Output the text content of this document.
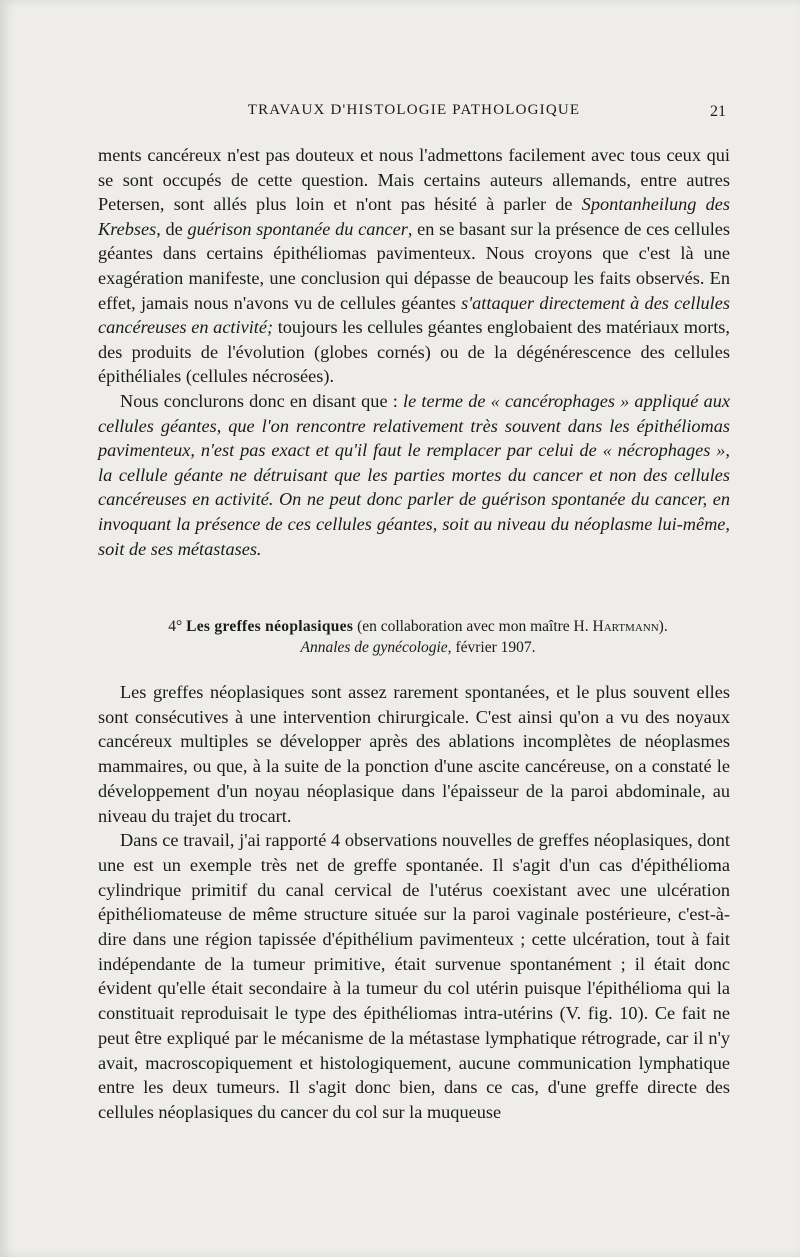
TRAVAUX D'HISTOLOGIE PATHOLOGIQUE	21

ments cancéreux n'est pas douteux et nous l'admettons facilement avec tous ceux qui se sont occupés de cette question. Mais certains auteurs allemands, entre autres Petersen, sont allés plus loin et n'ont pas hésité à parler de Spontanheilung des Krebses, de guérison spontanée du cancer, en se basant sur la présence de ces cellules géantes dans certains épithéliomas pavimenteux. Nous croyons que c'est là une exagération manifeste, une conclusion qui dépasse de beaucoup les faits observés. En effet, jamais nous n'avons vu de cellules géantes s'attaquer directement à des cellules cancéreuses en activité; toujours les cellules géantes englobaient des matériaux morts, des produits de l'évolution (globes cornés) ou de la dégénérescence des cellules épithéliales (cellules nécrosées).

Nous conclurons donc en disant que : le terme de « cancérophages » appliqué aux cellules géantes, que l'on rencontre relativement très souvent dans les épithéliomas pavimenteux, n'est pas exact et qu'il faut le remplacer par celui de « nécrophages », la cellule géante ne détruisant que les parties mortes du cancer et non des cellules cancéreuses en activité. On ne peut donc parler de guérison spontanée du cancer, en invoquant la présence de ces cellules géantes, soit au niveau du néoplasme lui-même, soit de ses métastases.

4° Les greffes néoplasiques (en collaboration avec mon maître H. Hartmann).
Annales de gynécologie, février 1907.

Les greffes néoplasiques sont assez rarement spontanées, et le plus souvent elles sont consécutives à une intervention chirurgicale. C'est ainsi qu'on a vu des noyaux cancéreux multiples se développer après des ablations incomplètes de néoplasmes mammaires, ou que, à la suite de la ponction d'une ascite cancéreuse, on a constaté le développement d'un noyau néoplasique dans l'épaisseur de la paroi abdominale, au niveau du trajet du trocart.

Dans ce travail, j'ai rapporté 4 observations nouvelles de greffes néoplasiques, dont une est un exemple très net de greffe spontanée. Il s'agit d'un cas d'épithélioma cylindrique primitif du canal cervical de l'utérus coexistant avec une ulcération épithéliomateuse de même structure située sur la paroi vaginale postérieure, c'est-à-dire dans une région tapissée d'épithélium pavimenteux ; cette ulcération, tout à fait indépendante de la tumeur primitive, était survenue spontanément ; il était donc évident qu'elle était secondaire à la tumeur du col utérin puisque l'épithélioma qui la constituait reproduisait le type des épithéliomas intra-utérins (V. fig. 10). Ce fait ne peut être expliqué par le mécanisme de la métastase lymphatique rétrograde, car il n'y avait, macroscopiquement et histologiquement, aucune communication lymphatique entre les deux tumeurs. Il s'agit donc bien, dans ce cas, d'une greffe directe des cellules néoplasiques du cancer du col sur la muqueuse
